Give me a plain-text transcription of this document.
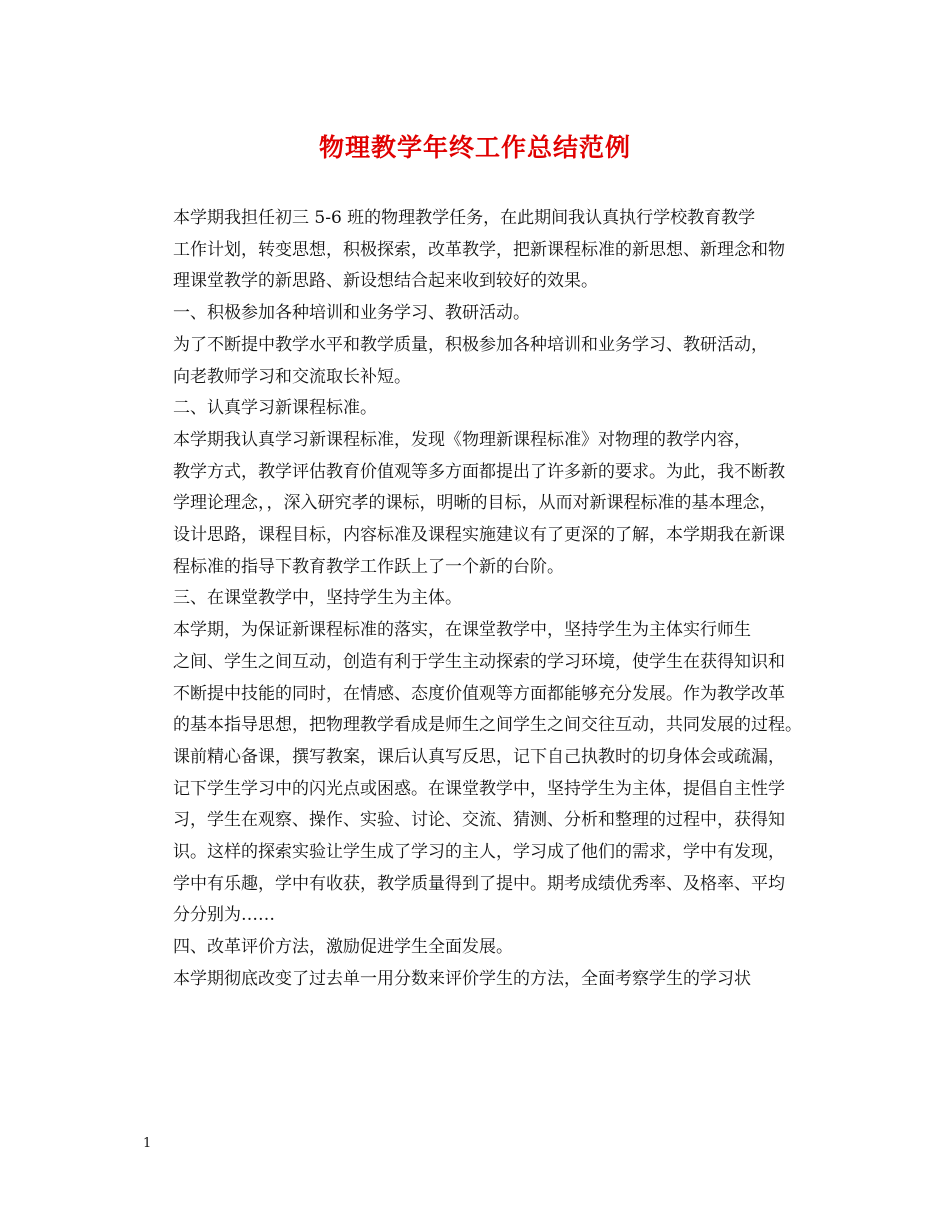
物理教学年终工作总结范例

本学期我担任初三 5-6 班的物理教学任务，在此期间我认真执行学校教育教学
工作计划，转变思想，积极探索，改革教学，把新课程标准的新思想、新理念和物
理课堂教学的新思路、新设想结合起来收到较好的效果。

一、积极参加各种培训和业务学习、教研活动。

为了不断提中教学水平和教学质量，积极参加各种培训和业务学习、教研活动，
向老教师学习和交流取长补短。

二、认真学习新课程标准。

本学期我认真学习新课程标准，发现《物理新课程标准》对物理的教学内容，
教学方式，教学评估教育价值观等多方面都提出了许多新的要求。为此，我不断教
学理论理念，，深入研究孝的课标，明晰的目标，从而对新课程标准的基本理念，
设计思路，课程目标，内容标准及课程实施建议有了更深的了解，本学期我在新课
程标准的指导下教育教学工作跃上了一个新的台阶。

三、在课堂教学中，坚持学生为主体。

本学期，为保证新课程标准的落实，在课堂教学中，坚持学生为主体实行师生
之间、学生之间互动，创造有利于学生主动探索的学习环境，使学生在获得知识和
不断提中技能的同时，在情感、态度价值观等方面都能够充分发展。作为教学改革
的基本指导思想，把物理教学看成是师生之间学生之间交往互动，共同发展的过程。
课前精心备课，撰写教案，课后认真写反思，记下自己执教时的切身体会或疏漏，
记下学生学习中的闪光点或困惑。在课堂教学中，坚持学生为主体，提倡自主性学
习，学生在观察、操作、实验、讨论、交流、猜测、分析和整理的过程中，获得知
识。这样的探索实验让学生成了学习的主人，学习成了他们的需求，学中有发现，
学中有乐趣，学中有收获，教学质量得到了提中。期考成绩优秀率、及格率、平均
分分别为……

四、改革评价方法，激励促进学生全面发展。

本学期彻底改变了过去单一用分数来评价学生的方法，全面考察学生的学习状

1
